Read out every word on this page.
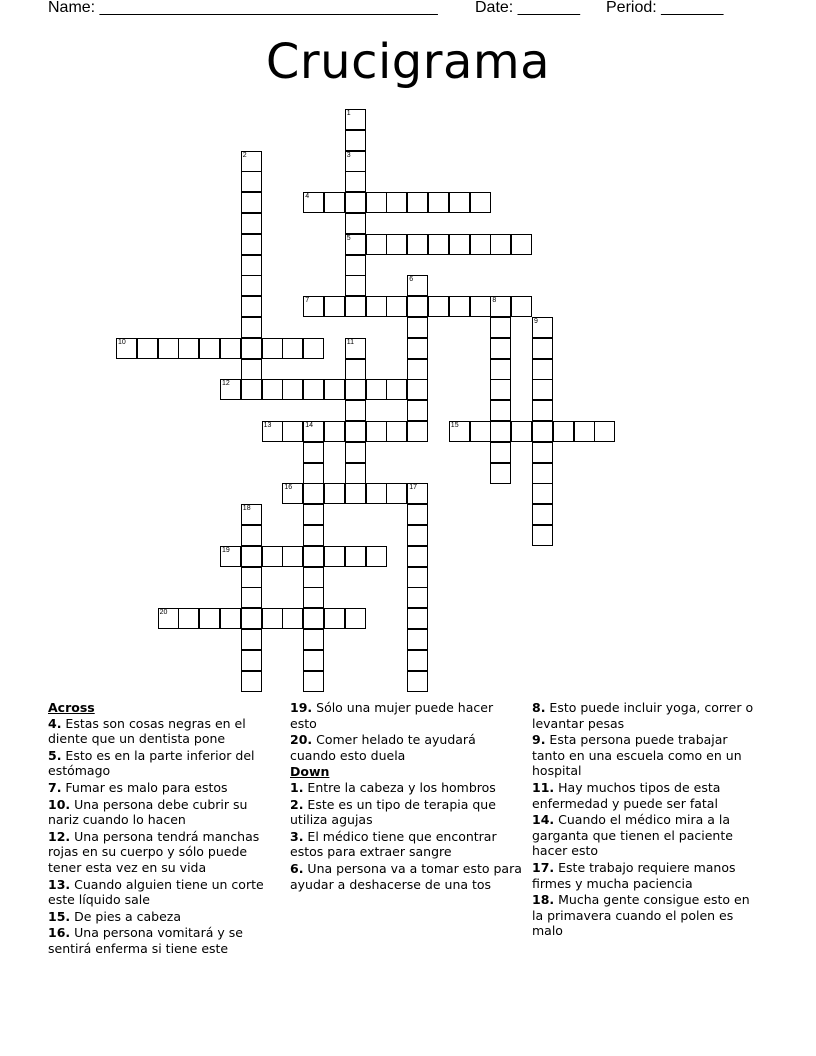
Name: ______________________________________ Date: _______ Period: _______
Crucigrama
1
3
5
2
4
6
7	8
9
10	11
12
13	14	15
16	17
18
19
20
Across
4. Estas son cosas negras en el diente que un dentista pone
5. Esto es en la parte inferior del estómago
7. Fumar es malo para estos
10. Una persona debe cubrir su nariz cuando lo hacen
12. Una persona tendrá manchas rojas en su cuerpo y sólo puede tener esta vez en su vida
13. Cuando alguien tiene un corte este líquido sale
15. De pies a cabeza
16. Una persona vomitará y se sentirá enferma si tiene este
19. Sólo una mujer puede hacer esto
20. Comer helado te ayudará cuando esto duela
Down
1. Entre la cabeza y los hombros
2. Este es un tipo de terapia que utiliza agujas
3. El médico tiene que encontrar estos para extraer sangre
6. Una persona va a tomar esto para ayudar a deshacerse de una tos
8. Esto puede incluir yoga, correr o levantar pesas
9. Esta persona puede trabajar tanto en una escuela como en un hospital
11. Hay muchos tipos de esta enfermedad y puede ser fatal
14. Cuando el médico mira a la garganta que tienen el paciente hacer esto
17. Este trabajo requiere manos firmes y mucha paciencia
18. Mucha gente consigue esto en la primavera cuando el polen es malo
